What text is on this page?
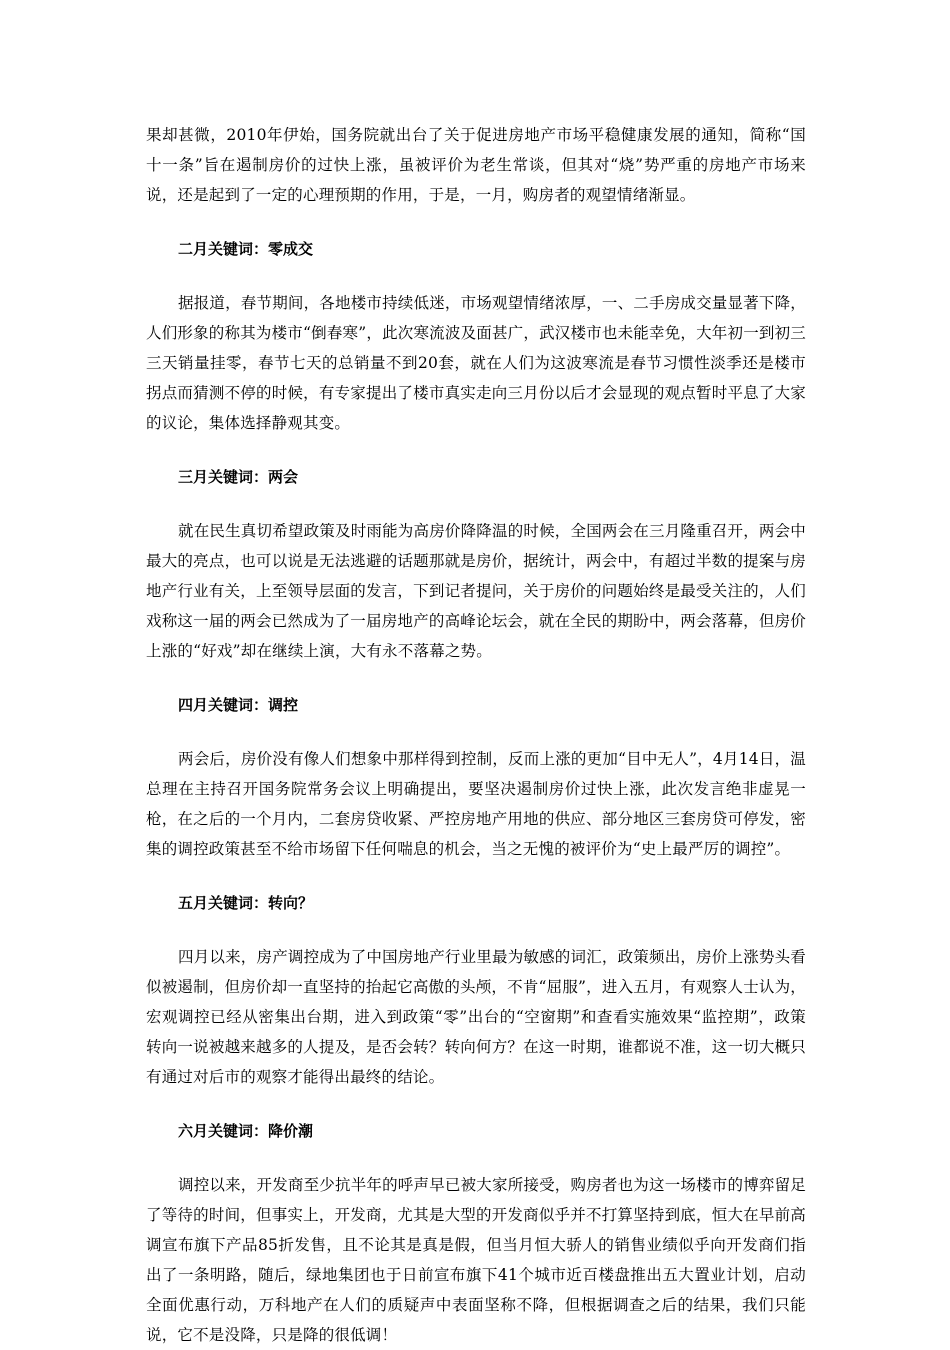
果却甚微，2010年伊始，国务院就出台了关于促进房地产市场平稳健康发展的通知，简称“国十一条”旨在遏制房价的过快上涨，虽被评价为老生常谈，但其对“烧”势严重的房地产市场来说，还是起到了一定的心理预期的作用，于是，一月，购房者的观望情绪渐显。

二月关键词：零成交

据报道，春节期间，各地楼市持续低迷，市场观望情绪浓厚，一、二手房成交量显著下降，人们形象的称其为楼市“倒春寒”，此次寒流波及面甚广，武汉楼市也未能幸免，大年初一到初三三天销量挂零，春节七天的总销量不到20套，就在人们为这波寒流是春节习惯性淡季还是楼市拐点而猜测不停的时候，有专家提出了楼市真实走向三月份以后才会显现的观点暂时平息了大家的议论，集体选择静观其变。

三月关键词：两会

就在民生真切希望政策及时雨能为高房价降降温的时候，全国两会在三月隆重召开，两会中最大的亮点，也可以说是无法逃避的话题那就是房价，据统计，两会中，有超过半数的提案与房地产行业有关，上至领导层面的发言，下到记者提问，关于房价的问题始终是最受关注的，人们戏称这一届的两会已然成为了一届房地产的高峰论坛会，就在全民的期盼中，两会落幕，但房价上涨的“好戏”却在继续上演，大有永不落幕之势。

四月关键词：调控

两会后，房价没有像人们想象中那样得到控制，反而上涨的更加“目中无人”，4月14日，温总理在主持召开国务院常务会议上明确提出，要坚决遏制房价过快上涨，此次发言绝非虚晃一枪，在之后的一个月内，二套房贷收紧、严控房地产用地的供应、部分地区三套房贷可停发，密集的调控政策甚至不给市场留下任何喘息的机会，当之无愧的被评价为“史上最严厉的调控”。

五月关键词：转向？

四月以来，房产调控成为了中国房地产行业里最为敏感的词汇，政策频出，房价上涨势头看似被遏制，但房价却一直坚持的抬起它高傲的头颅，不肯“屈服”，进入五月，有观察人士认为，宏观调控已经从密集出台期，进入到政策“零”出台的“空窗期”和查看实施效果“监控期”，政策转向一说被越来越多的人提及，是否会转？转向何方？在这一时期，谁都说不准，这一切大概只有通过对后市的观察才能得出最终的结论。

六月关键词：降价潮

调控以来，开发商至少抗半年的呼声早已被大家所接受，购房者也为这一场楼市的博弈留足了等待的时间，但事实上，开发商，尤其是大型的开发商似乎并不打算坚持到底，恒大在早前高调宣布旗下产品85折发售，且不论其是真是假，但当月恒大骄人的销售业绩似乎向开发商们指出了一条明路，随后，绿地集团也于日前宣布旗下41个城市近百楼盘推出五大置业计划，启动全面优惠行动，万科地产在人们的质疑声中表面坚称不降，但根据调查之后的结果，我们只能说，它不是没降，只是降的很低调！
